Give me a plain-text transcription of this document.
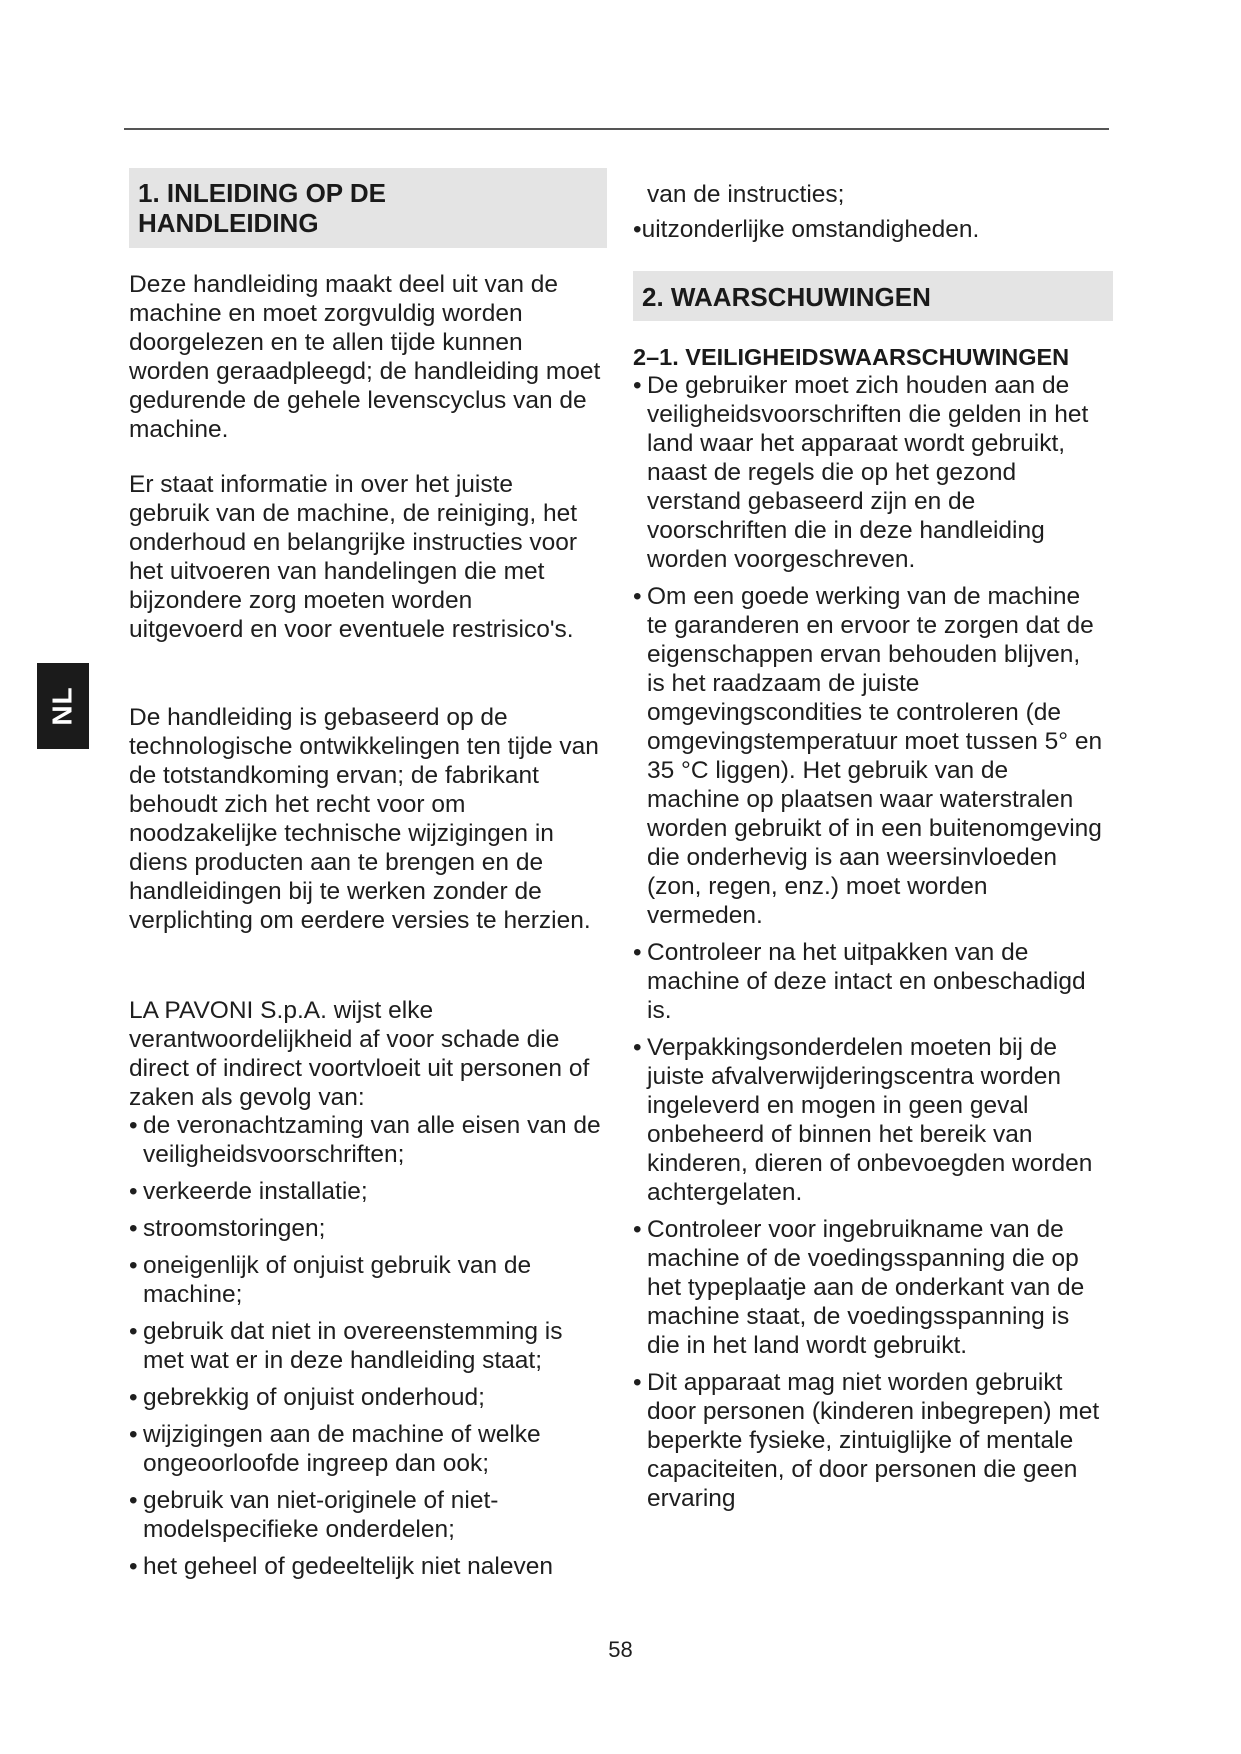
NL
1. INLEIDING OP DE
HANDLEIDING

Deze handleiding maakt deel uit van de machine en moet zorgvuldig worden doorgelezen en te allen tijde kunnen worden geraadpleegd; de handleiding moet gedurende de gehele levenscyclus van de machine.

Er staat informatie in over het juiste gebruik van de machine, de reiniging, het onderhoud en belangrijke instructies voor het uitvoeren van handelingen die met bijzondere zorg moeten worden uitgevoerd en voor eventuele restrisico's.

De handleiding is gebaseerd op de technologische ontwikkelingen ten tijde van de totstandkoming ervan; de fabrikant behoudt zich het recht voor om noodzakelijke technische wijzigingen in diens producten aan te brengen en de handleidingen bij te werken zonder de verplichting om eerdere versies te herzien.

LA PAVONI S.p.A. wijst elke verantwoordelijkheid af voor schade die direct of indirect voortvloeit uit personen of zaken als gevolg van:

• de veronachtzaming van alle eisen van de veiligheidsvoorschriften;
• verkeerde installatie;
• stroomstoringen;
• oneigenlijk of onjuist gebruik van de machine;
• gebruik dat niet in overeenstemming is met wat er in deze handleiding staat;
• gebrekkig of onjuist onderhoud;
• wijzigingen aan de machine of welke ongeoorloofde ingreep dan ook;
• gebruik van niet-originele of niet-modelspecifieke onderdelen;
• het geheel of gedeeltelijk niet naleven

van de instructies;

•uitzonderlijke omstandigheden.

2. WAARSCHUWINGEN
2–1. VEILIGHEIDSWAARSCHUWINGEN
• De gebruiker moet zich houden aan de veiligheidsvoorschriften die gelden in het land waar het apparaat wordt gebruikt, naast de regels die op het gezond verstand gebaseerd zijn en de voorschriften die in deze handleiding worden voorgeschreven.
• Om een goede werking van de machine te garanderen en ervoor te zorgen dat de eigenschappen ervan behouden blijven, is het raadzaam de juiste omgevingscondities te controleren (de omgevingstemperatuur moet tussen 5° en 35 °C liggen). Het gebruik van de machine op plaatsen waar waterstralen worden gebruikt of in een buitenomgeving die onderhevig is aan weersinvloeden (zon, regen, enz.) moet worden vermeden.
• Controleer na het uitpakken van de machine of deze intact en onbeschadigd is.
• Verpakkingsonderdelen moeten bij de juiste afvalverwijderingscentra worden ingeleverd en mogen in geen geval onbeheerd of binnen het bereik van kinderen, dieren of onbevoegden worden achtergelaten.
• Controleer voor ingebruikname van de machine of de voedingsspanning die op het typeplaatje aan de onderkant van de machine staat, de voedingsspanning is die in het land wordt gebruikt.
• Dit apparaat mag niet worden gebruikt door personen (kinderen inbegrepen) met beperkte fysieke, zintuiglijke of mentale capaciteiten, of door personen die geen ervaring
58
